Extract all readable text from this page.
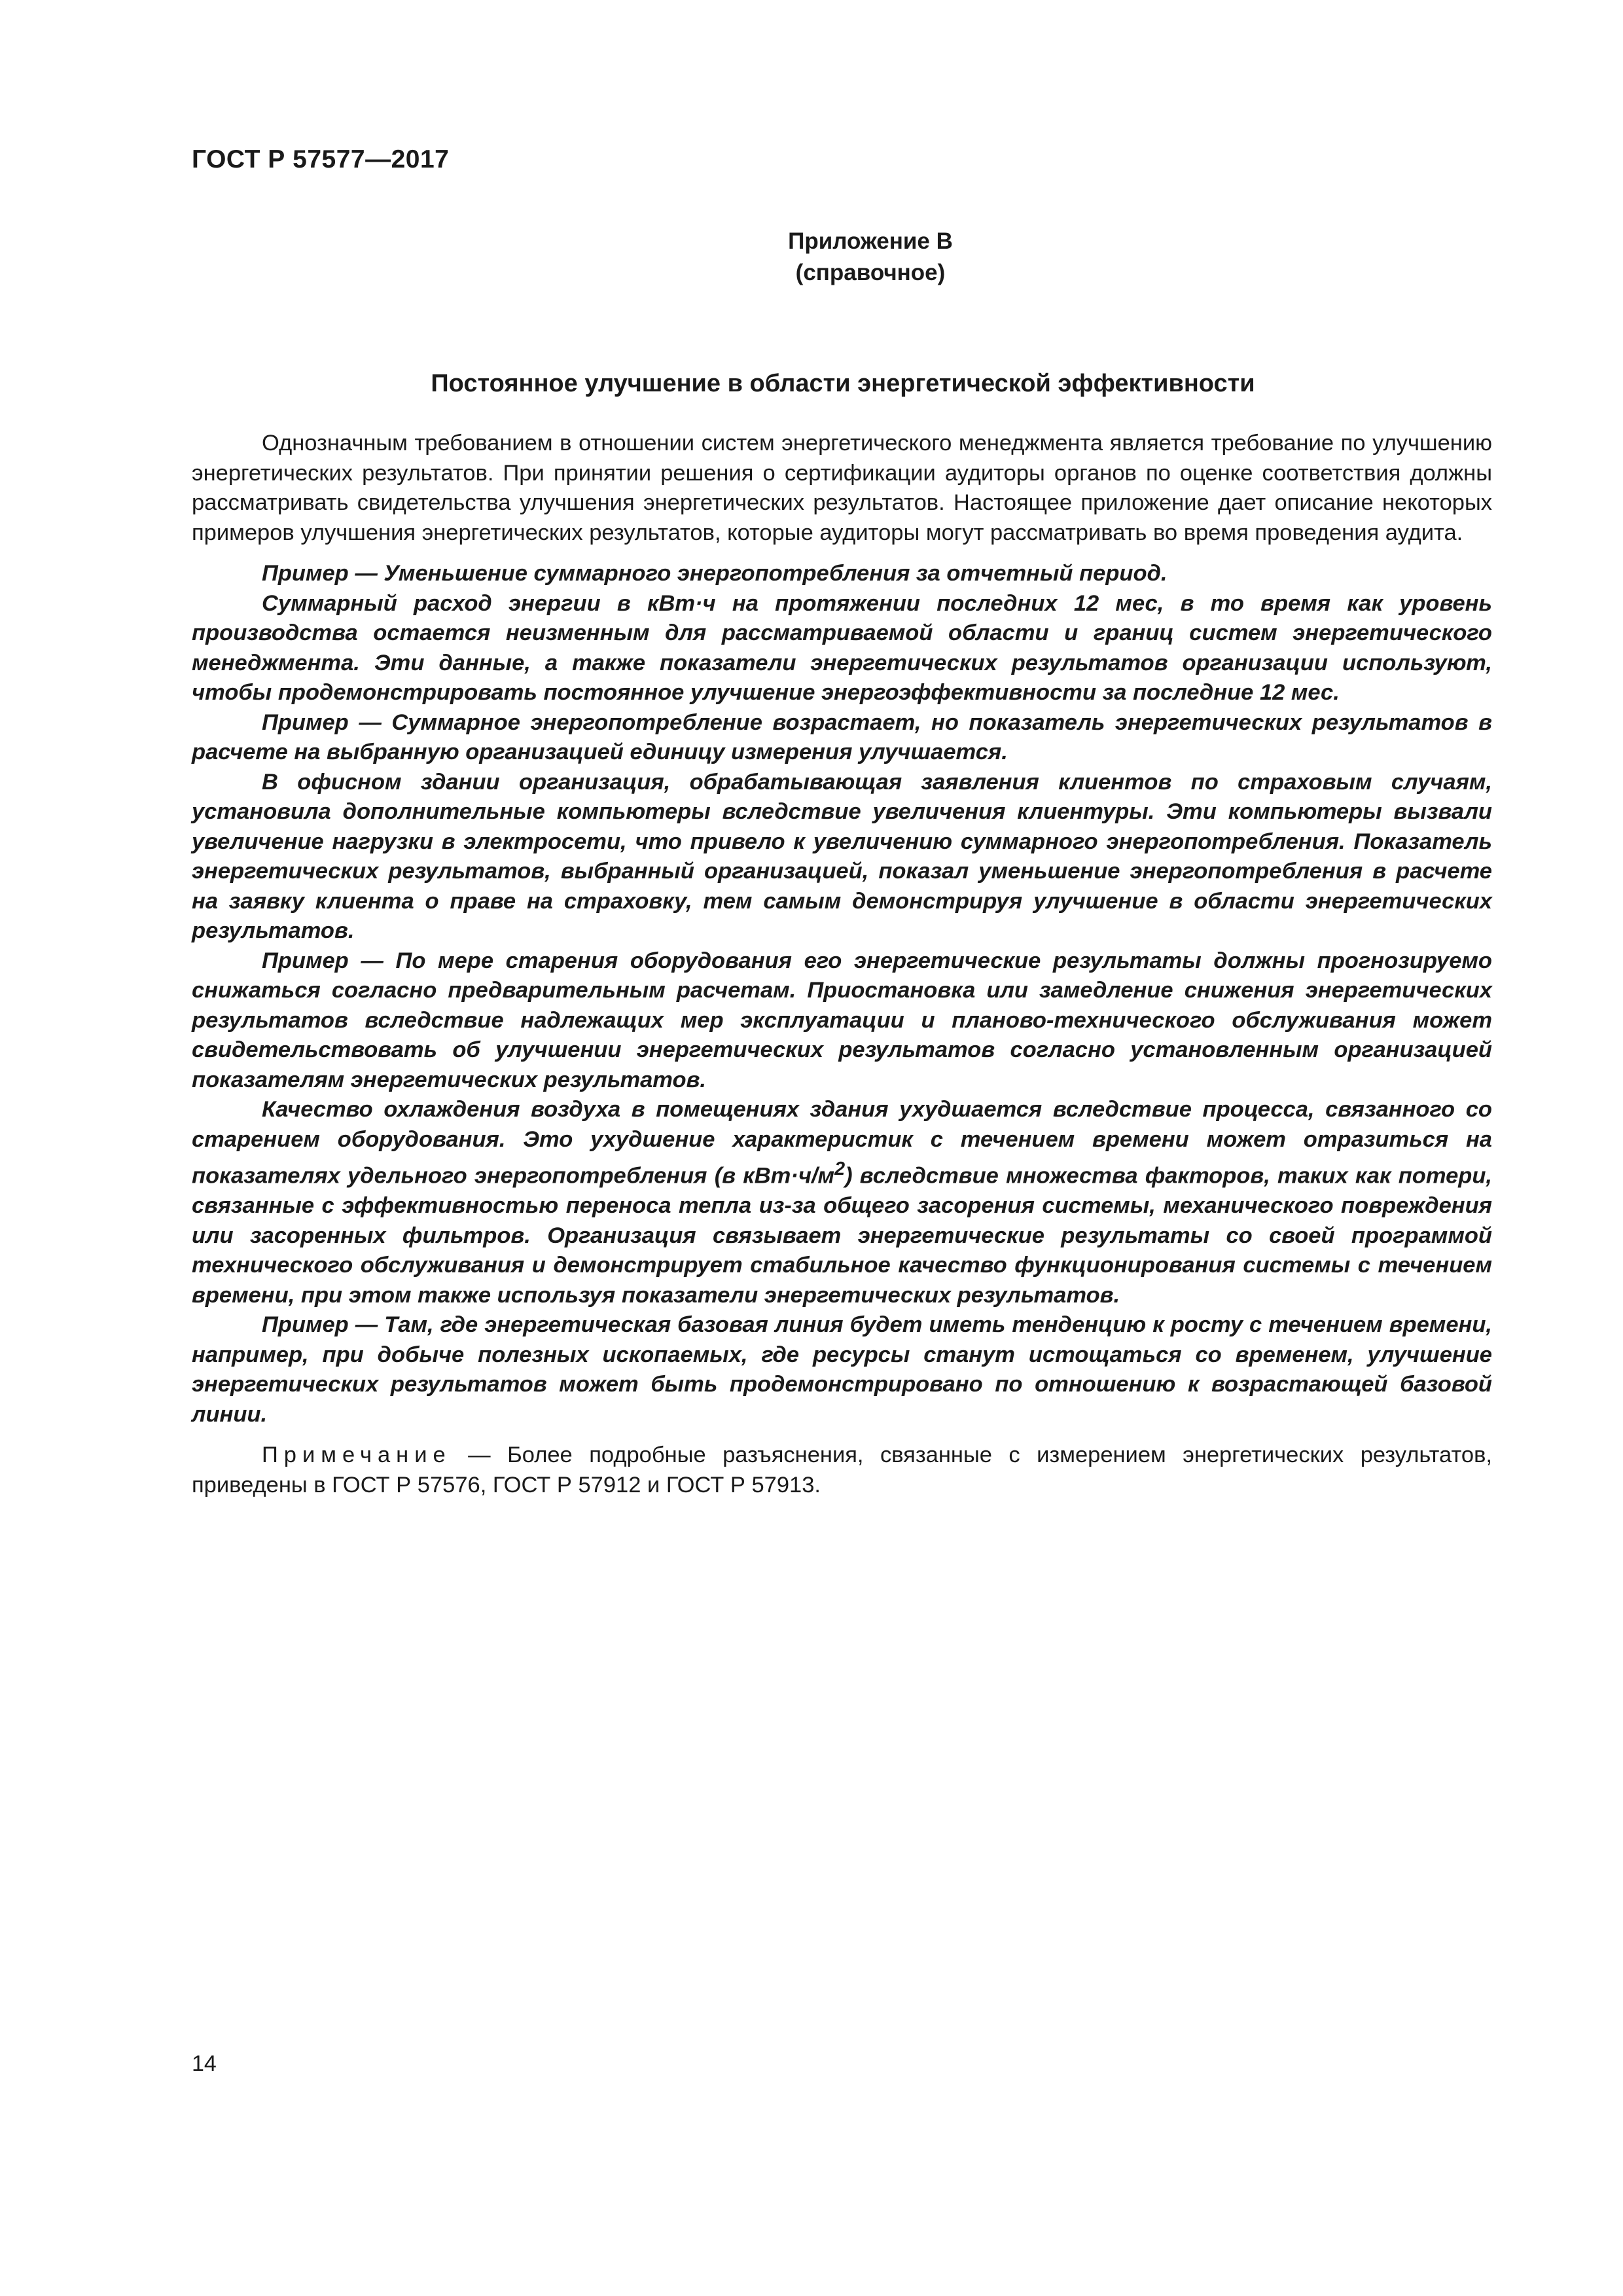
ГОСТ Р 57577—2017
Приложение В
(справочное)
Постоянное улучшение в области энергетической эффективности

Однозначным требованием в отношении систем энергетического менеджмента является требование по улучшению энергетических результатов. При принятии решения о сертификации аудиторы органов по оценке соответствия должны рассматривать свидетельства улучшения энергетических результатов. Настоящее приложение дает описание некоторых примеров улучшения энергетических результатов, которые аудиторы могут рассматривать во время проведения аудита.

Пример — Уменьшение суммарного энергопотребления за отчетный период.

Суммарный расход энергии в кВт·ч на протяжении последних 12 мес, в то время как уровень производства остается неизменным для рассматриваемой области и границ систем энергетического менеджмента. Эти данные, а также показатели энергетических результатов организации используют, чтобы продемонстрировать постоянное улучшение энергоэффективности за последние 12 мес.

Пример — Суммарное энергопотребление возрастает, но показатель энергетических результатов в расчете на выбранную организацией единицу измерения улучшается.

В офисном здании организация, обрабатывающая заявления клиентов по страховым случаям, установила дополнительные компьютеры вследствие увеличения клиентуры. Эти компьютеры вызвали увеличение нагрузки в электросети, что привело к увеличению суммарного энергопотребления. Показатель энергетических результатов, выбранный организацией, показал уменьшение энергопотребления в расчете на заявку клиента о праве на страховку, тем самым демонстрируя улучшение в области энергетических результатов.

Пример — По мере старения оборудования его энергетические результаты должны прогнозируемо снижаться согласно предварительным расчетам. Приостановка или замедление снижения энергетических результатов вследствие надлежащих мер эксплуатации и планово-технического обслуживания может свидетельствовать об улучшении энергетических результатов согласно установленным организацией показателям энергетических результатов.

Качество охлаждения воздуха в помещениях здания ухудшается вследствие процесса, связанного со старением оборудования. Это ухудшение характеристик с течением времени может отразиться на показателях удельного энергопотребления (в $кВт\cdot ч/м^2$) вследствие множества факторов, таких как потери, связанные с эффективностью переноса тепла из-за общего засорения системы, механического повреждения или засоренных фильтров. Организация связывает энергетические результаты со своей программой технического обслуживания и демонстрирует стабильное качество функционирования системы с течением времени, при этом также используя показатели энергетических результатов.

Пример — Там, где энергетическая базовая линия будет иметь тенденцию к росту с течением времени, например, при добыче полезных ископаемых, где ресурсы станут истощаться со временем, улучшение энергетических результатов может быть продемонстрировано по отношению к возрастающей базовой линии.

Примечание — Более подробные разъяснения, связанные с измерением энергетических результатов, приведены в ГОСТ Р 57576, ГОСТ Р 57912 и ГОСТ Р 57913.

14
